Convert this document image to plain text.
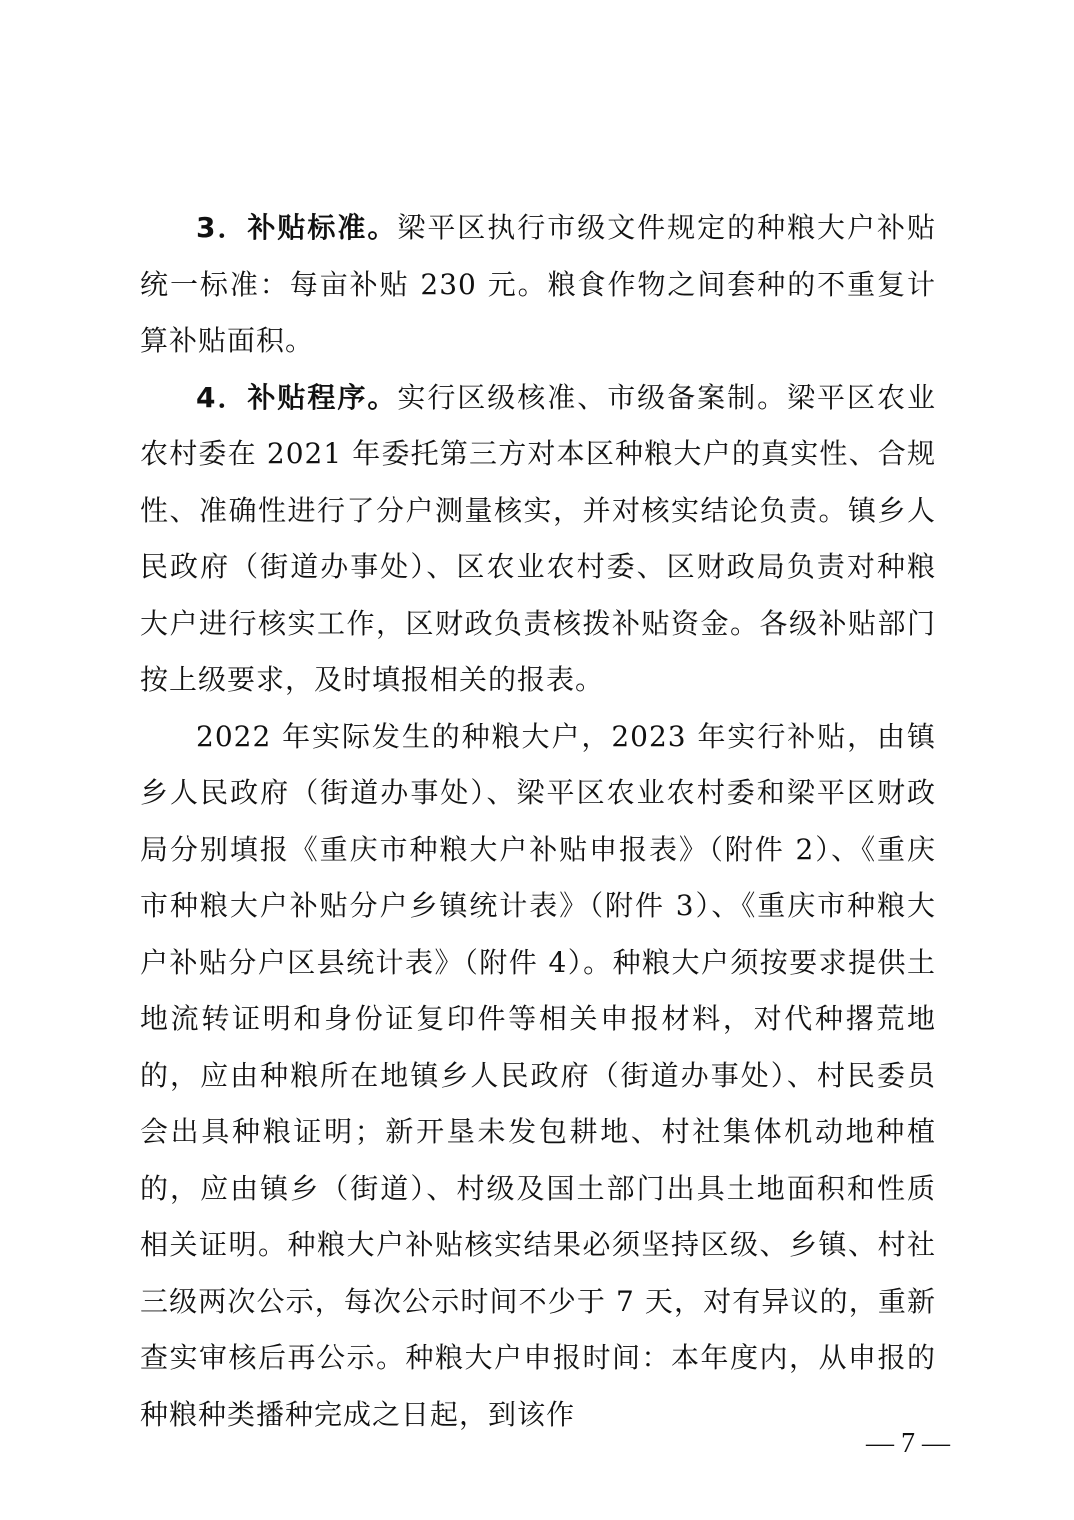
3．补贴标准。梁平区执行市级文件规定的种粮大户补贴统一标准：每亩补贴 230 元。粮食作物之间套种的不重复计算补贴面积。

4．补贴程序。实行区级核准、市级备案制。梁平区农业农村委在 2021 年委托第三方对本区种粮大户的真实性、合规性、准确性进行了分户测量核实，并对核实结论负责。镇乡人民政府（街道办事处）、区农业农村委、区财政局负责对种粮大户进行核实工作，区财政负责核拨补贴资金。各级补贴部门按上级要求，及时填报相关的报表。

2022 年实际发生的种粮大户，2023 年实行补贴，由镇乡人民政府（街道办事处）、梁平区农业农村委和梁平区财政局分别填报《重庆市种粮大户补贴申报表》（附件 2）、《重庆市种粮大户补贴分户乡镇统计表》（附件 3）、《重庆市种粮大户补贴分户区县统计表》（附件 4）。种粮大户须按要求提供土地流转证明和身份证复印件等相关申报材料，对代种撂荒地的，应由种粮所在地镇乡人民政府（街道办事处）、村民委员会出具种粮证明；新开垦未发包耕地、村社集体机动地种植的，应由镇乡（街道）、村级及国土部门出具土地面积和性质相关证明。种粮大户补贴核实结果必须坚持区级、乡镇、村社三级两次公示，每次公示时间不少于 7 天，对有异议的，重新查实审核后再公示。种粮大户申报时间：本年度内，从申报的种粮种类播种完成之日起，到该作

— 7 —
